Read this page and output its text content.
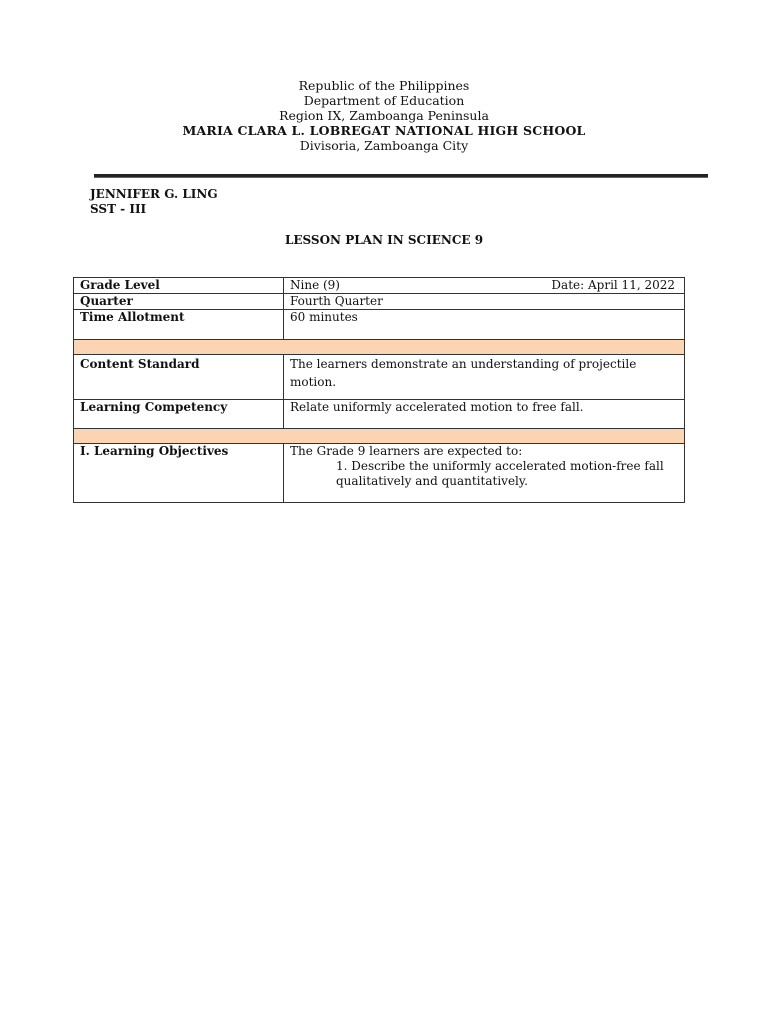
Republic of the Philippines
Department of Education
Region IX, Zamboanga Peninsula
MARIA CLARA L. LOBREGAT NATIONAL HIGH SCHOOL
Divisoria, Zamboanga City
JENNIFER G. LING
SST - III
LESSON PLAN IN SCIENCE 9
Grade Level	Nine (9) Date: April 11, 2022

Quarter	Fourth Quarter
Time Allotment	60 minutes

Content Standard	The learners demonstrate an understanding of projectile motion.

Learning Competency	Relate uniformly accelerated motion to free fall.

I. Learning Objectives	The Grade 9 learners are expected to:
1. Describe the uniformly accelerated motion-free fall
qualitatively and quantitatively.
